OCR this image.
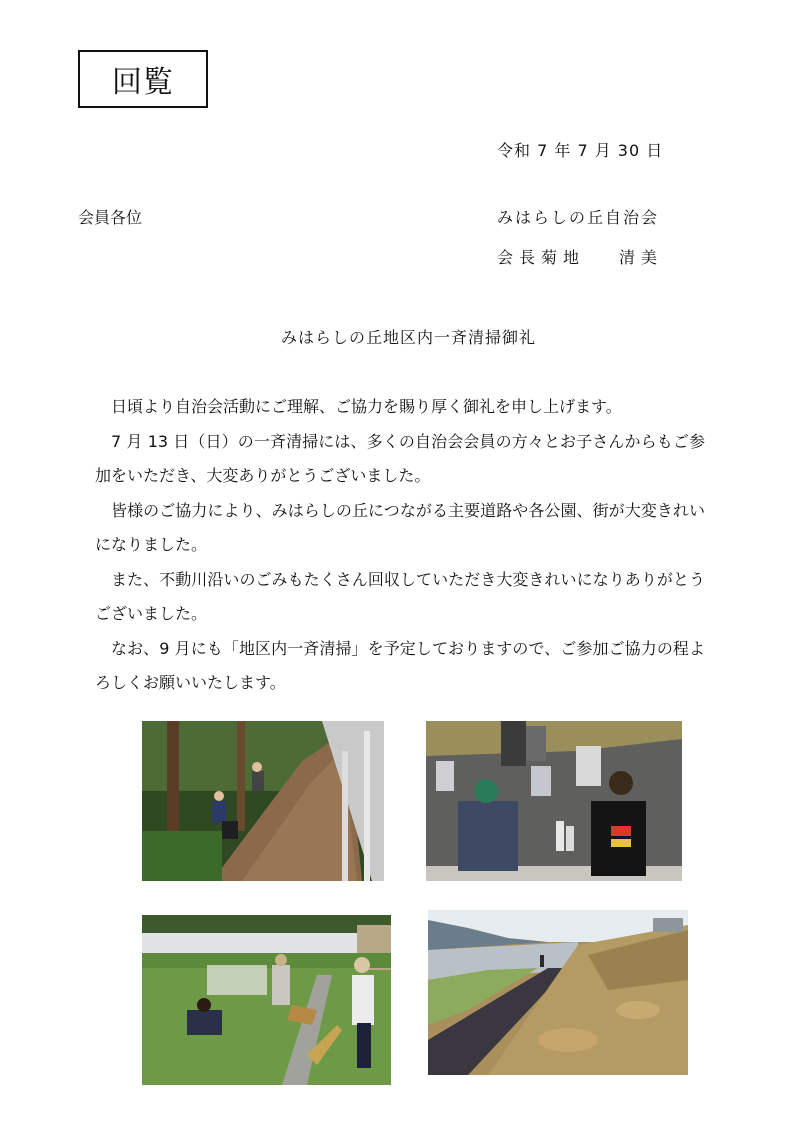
回覧
令和 7 年 7 月 30 日
会員各位	みはらしの丘自治会
会長菊地 清美
みはらしの丘地区内一斉清掃御礼

日頃より自治会活動にご理解、ご協力を賜り厚く御礼を申し上げます。

7 月 13 日（日）の一斉清掃には、多くの自治会会員の方々とお子さんからもご参加をいただき、大変ありがとうございました。

皆様のご協力により、みはらしの丘につながる主要道路や各公園、街が大変きれいになりました。

また、不動川沿いのごみもたくさん回収していただき大変きれいになりありがとうございました。

なお、9 月にも「地区内一斉清掃」を予定しておりますので、ご参加ご協力の程よろしくお願いいたします。
